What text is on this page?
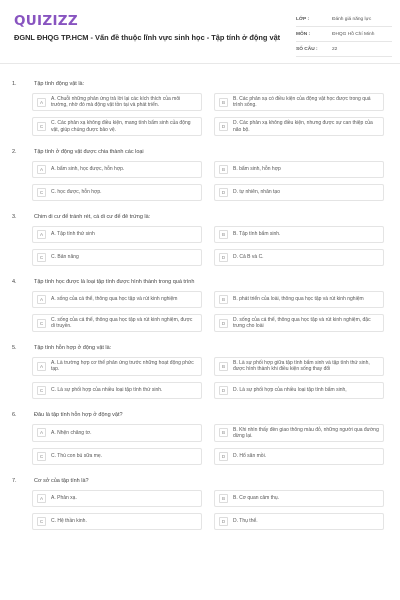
QUIZIZZ
ĐGNL ĐHQG TP.HCM - Vấn đề thuộc lĩnh vực sinh học - Tập tính ở động vật
LỚP :	Đánh giá năng lực
MÔN :	ĐHQG Hồ Chí Minh
SỐ CÂU :	22
1.	Tập tính động vật là:
A
A. Chuỗi những phản ứng trả lời lại các kích thích của môi trường, nhờ đó mà động vật tồn tại và phát triển.	B
B. Các phản xạ có điều kiện của động vật học được trong quá trình sống.
C
C. Các phản xạ không điều kiện, mang tính bẩm sinh của động vật, giúp chúng được bảo vệ.	D
D. Các phản xạ không điều kiện, nhưng được sự can thiệp của não bộ.
2.	Tập tính ở động vật được chia thành các loại
A	A. bẩm sinh, học được, hỗn hợp.	B	B. bẩm sinh, hỗn hợp
C	C. học được, hỗn hợp.	D	D. tự nhiên, nhân tạo
3.	Chim di cư để tránh rét, cá di cư để đẻ trứng là:
A	A. Tập tính thứ sinh	B	B. Tập tính bẩm sinh.
C	C. Bản năng	D	D. Cả B và C.
4.	Tập tính học được là loại tập tính được hình thành trong quá trình
A	A. sống của cá thể, thông qua học tập và rút kinh nghiệm	B	B. phát triển của loài, thông qua học tập và rút kinh nghiệm
C
C. sống của cá thể, thông qua học tập và rút kinh nghiệm, được di truyền.	D
D. sống của cá thể, thông qua học tập và rút kinh nghiệm, đặc trưng cho loài
5.	Tập tính hỗn hợp ở động vật là:
A
A. Là trường hợp cơ thể phản ứng trước những hoạt động phức tạp.	B
B. Là sự phối hợp giữa tập tính bẩm sinh và tập tính thứ sinh, được hình thành khi điều kiện sống thay đổi
C	C. Là sự phối hợp của nhiều loại tập tính thứ sinh.	D	D. Là sự phối hợp của nhiều loại tập tính bẩm sinh,
6.	Đâu là tập tính hỗn hợp ở động vật?
A	A. Nhện chăng tơ.	B
B. Khi nhìn thấy đèn giao thông màu đỏ, những người qua đường dừng lại.
C	C. Thú con bú sữa mẹ.	D	D. Hổ săn mồi.
7.	Cơ sở của tập tính là?
A	A. Phản xạ.	B	B. Cơ quan cảm thụ.
C	C. Hệ thần kinh.	D	D. Thụ thể.
